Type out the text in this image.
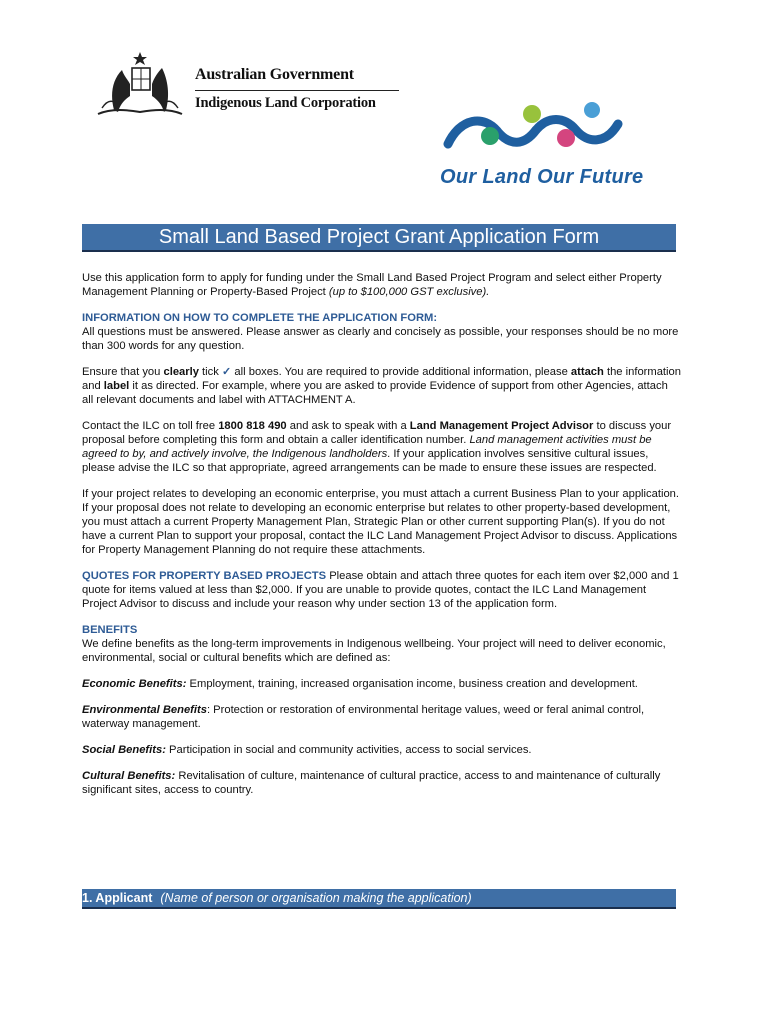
Australian Government
Indigenous Land Corporation
Our Land Our Future
Small Land Based Project Grant Application Form

Use this application form to apply for funding under the Small Land Based Project Program and select either Property Management Planning or Property-Based Project (up to $100,000 GST exclusive).

INFORMATION ON HOW TO COMPLETE THE APPLICATION FORM:
All questions must be answered. Please answer as clearly and concisely as possible, your responses should be no more than 300 words for any question.

Ensure that you clearly tick ✓ all boxes. You are required to provide additional information, please attach the information and label it as directed. For example, where you are asked to provide Evidence of support from other Agencies, attach all relevant documents and label with ATTACHMENT A.

Contact the ILC on toll free 1800 818 490 and ask to speak with a Land Management Project Advisor to discuss your proposal before completing this form and obtain a caller identification number. Land management activities must be agreed to by, and actively involve, the Indigenous landholders. If your application involves sensitive cultural issues, please advise the ILC so that appropriate, agreed arrangements can be made to ensure these issues are respected.

If your project relates to developing an economic enterprise, you must attach a current Business Plan to your application. If your proposal does not relate to developing an economic enterprise but relates to other property-based development, you must attach a current Property Management Plan, Strategic Plan or other current supporting Plan(s). If you do not have a current Plan to support your proposal, contact the ILC Land Management Project Advisor to discuss. Applications for Property Management Planning do not require these attachments.

QUOTES FOR PROPERTY BASED PROJECTS Please obtain and attach three quotes for each item over $2,000 and 1 quote for items valued at less than $2,000. If you are unable to provide quotes, contact the ILC Land Management Project Advisor to discuss and include your reason why under section 13 of the application form.

BENEFITS
We define benefits as the long-term improvements in Indigenous wellbeing. Your project will need to deliver economic, environmental, social or cultural benefits which are defined as:

Economic Benefits: Employment, training, increased organisation income, business creation and development.

Environmental Benefits: Protection or restoration of environmental heritage values, weed or feral animal control, waterway management.

Social Benefits: Participation in social and community activities, access to social services.

Cultural Benefits: Revitalisation of culture, maintenance of cultural practice, access to and maintenance of culturally significant sites, access to country.

1. Applicant (Name of person or organisation making the application)
